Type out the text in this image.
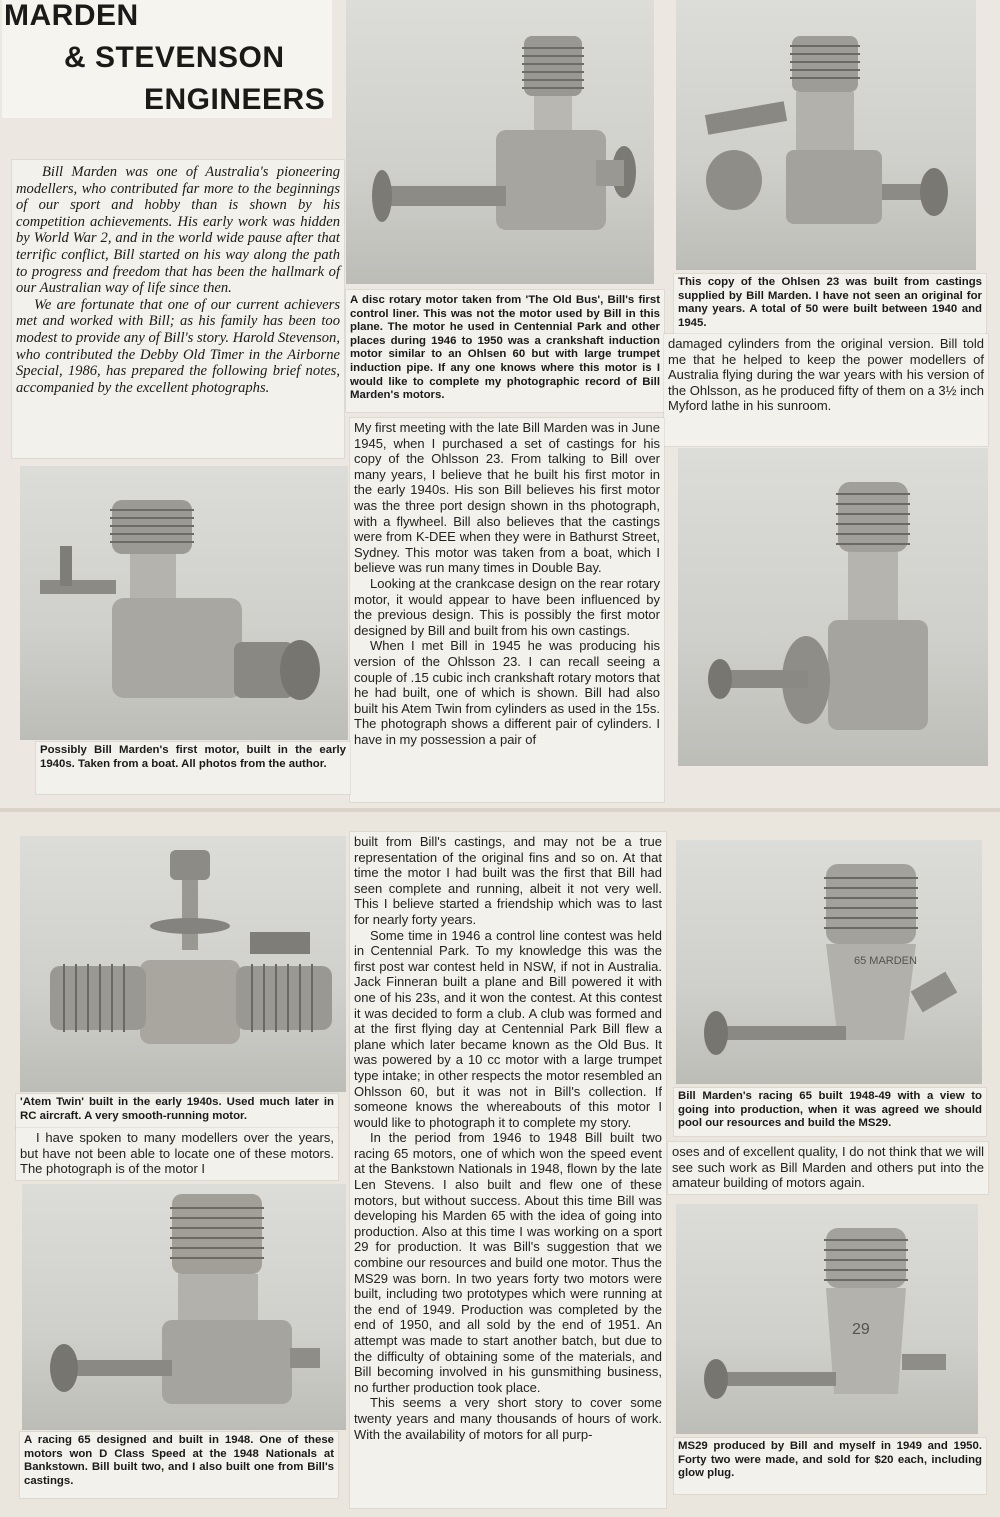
MARDEN
& STEVENSON
ENGINEERS

Bill Marden was one of Australia's pioneering modellers, who contributed far more to the beginnings of our sport and hobby than is shown by his competition achievements. His early work was hidden by World War 2, and in the world wide pause after that terrific conflict, Bill started on his way along the path to progress and freedom that has been the hallmark of our Australian way of life since then.

We are fortunate that one of our current achievers met and worked with Bill; as his family has been too modest to provide any of Bill's story. Harold Stevenson, who contributed the Debby Old Timer in the Airborne Special, 1986, has prepared the following brief notes, accompanied by the excellent photographs.

A disc rotary motor taken from 'The Old Bus', Bill's first control liner. This was not the motor used by Bill in this plane. The motor he used in Centennial Park and other places during 1946 to 1950 was a crankshaft induction motor similar to an Ohlsen 60 but with large trumpet induction pipe. If any one knows where this motor is I would like to complete my photographic record of Bill Marden's motors.
This copy of the Ohlsen 23 was built from castings supplied by Bill Marden. I have not seen an original for many years. A total of 50 were built between 1940 and 1945.

damaged cylinders from the original version. Bill told me that he helped to keep the power modellers of Australia flying during the war years with his version of the Ohlsson, as he produced fifty of them on a 3½ inch Myford lathe in his sunroom.

My first meeting with the late Bill Marden was in June 1945, when I purchased a set of castings for his copy of the Ohlsson 23. From talking to Bill over many years, I believe that he built his first motor in the early 1940s. His son Bill believes his first motor was the three port design shown in ths photograph, with a flywheel. Bill also believes that the castings were from K-DEE when they were in Bathurst Street, Sydney. This motor was taken from a boat, which I believe was run many times in Double Bay.

Looking at the crankcase design on the rear rotary motor, it would appear to have been influenced by the previous design. This is possibly the first motor designed by Bill and built from his own castings.

When I met Bill in 1945 he was producing his version of the Ohlsson 23. I can recall seeing a couple of .15 cubic inch crankshaft rotary motors that he had built, one of which is shown. Bill had also built his Atem Twin from cylinders as used in the 15s. The photograph shows a different pair of cylinders. I have in my possession a pair of

Possibly Bill Marden's first motor, built in the early 1940s. Taken from a boat. All photos from the author.
'Atem Twin' built in the early 1940s. Used much later in RC aircraft. A very smooth-running motor.

I have spoken to many modellers over the years, but have not been able to locate one of these motors. The photograph is of the motor I

A racing 65 designed and built in 1948. One of these motors won D Class Speed at the 1948 Nationals at Bankstown. Bill built two, and I also built one from Bill's castings.

built from Bill's castings, and may not be a true representation of the original fins and so on. At that time the motor I had built was the first that Bill had seen complete and running, albeit it not very well. This I believe started a friendship which was to last for nearly forty years.

Some time in 1946 a control line contest was held in Centennial Park. To my knowledge this was the first post war contest held in NSW, if not in Australia. Jack Finneran built a plane and Bill powered it with one of his 23s, and it won the contest. At this contest it was decided to form a club. A club was formed and at the first flying day at Centennial Park Bill flew a plane which later became known as the Old Bus. It was powered by a 10 cc motor with a large trumpet type intake; in other respects the motor resembled an Ohlsson 60, but it was not in Bill's collection. If someone knows the whereabouts of this motor I would like to photograph it to complete my story.

In the period from 1946 to 1948 Bill built two racing 65 motors, one of which won the speed event at the Bankstown Nationals in 1948, flown by the late Len Stevens. I also built and flew one of these motors, but without success. About this time Bill was developing his Marden 65 with the idea of going into production. Also at this time I was working on a sport 29 for production. It was Bill's suggestion that we combine our resources and build one motor. Thus the MS29 was born. In two years forty two motors were built, including two prototypes which were running at the end of 1949. Production was completed by the end of 1950, and all sold by the end of 1951. An attempt was made to start another batch, but due to the difficulty of obtaining some of the materials, and Bill becoming involved in his gunsmithing business, no further production took place.

This seems a very short story to cover some twenty years and many thousands of hours of work. With the availability of motors for all purp-

65 MARDEN
Bill Marden's racing 65 built 1948-49 with a view to going into production, when it was agreed we should pool our resources and build the MS29.

oses and of excellent quality, I do not think that we will see such work as Bill Marden and others put into the amateur building of motors again.

29
MS29 produced by Bill and myself in 1949 and 1950. Forty two were made, and sold for $20 each, including glow plug.
